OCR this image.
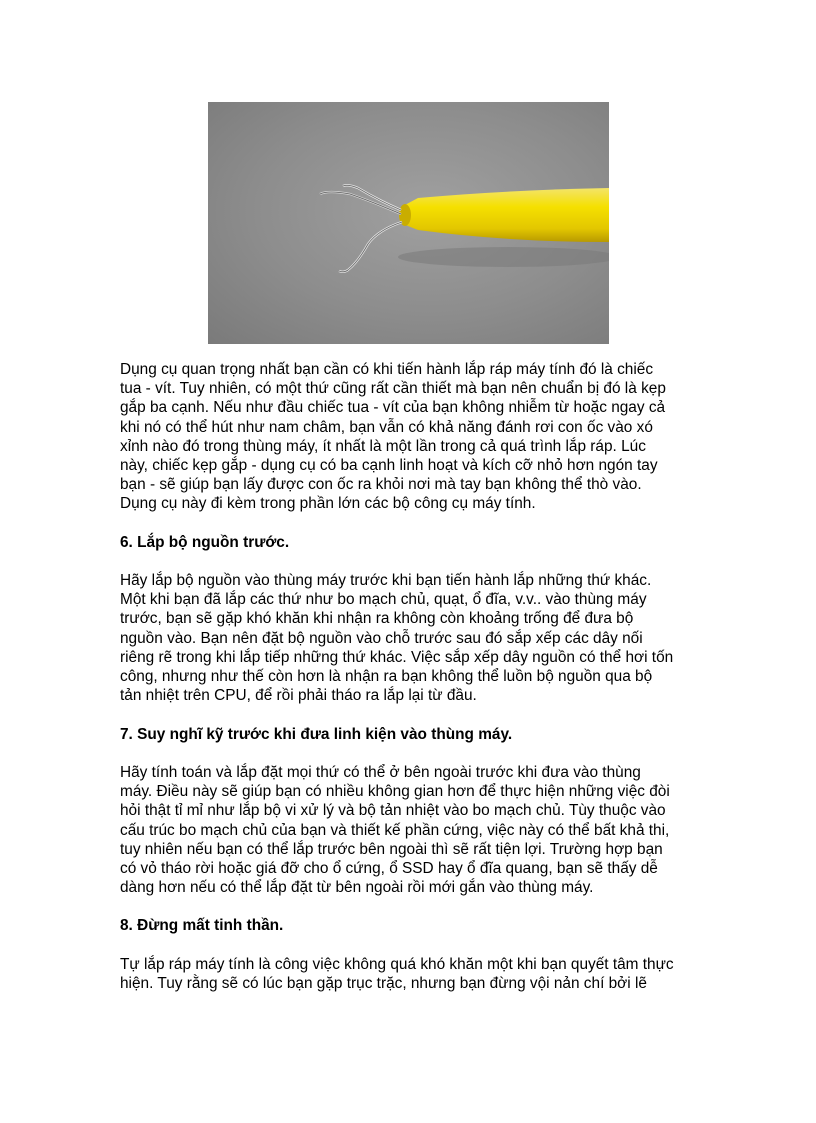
Dụng cụ quan trọng nhất bạn cần có khi tiến hành lắp ráp máy tính đó là chiếc
tua - vít. Tuy nhiên, có một thứ cũng rất cần thiết mà bạn nên chuẩn bị đó là kẹp
gắp ba cạnh. Nếu như đầu chiếc tua - vít của bạn không nhiễm từ hoặc ngay cả
khi nó có thể hút như nam châm, bạn vẫn có khả năng đánh rơi con ốc vào xó
xỉnh nào đó trong thùng máy, ít nhất là một lần trong cả quá trình lắp ráp. Lúc
này, chiếc kẹp gắp - dụng cụ có ba cạnh linh hoạt và kích cỡ nhỏ hơn ngón tay
bạn - sẽ giúp bạn lấy được con ốc ra khỏi nơi mà tay bạn không thể thò vào.
Dụng cụ này đi kèm trong phần lớn các bộ công cụ máy tính.
6. Lắp bộ nguồn trước.
Hãy lắp bộ nguồn vào thùng máy trước khi bạn tiến hành lắp những thứ khác.
Một khi bạn đã lắp các thứ như bo mạch chủ, quạt, ổ đĩa, v.v.. vào thùng máy
trước, bạn sẽ gặp khó khăn khi nhận ra không còn khoảng trống để đưa bộ
nguồn vào. Bạn nên đặt bộ nguồn vào chỗ trước sau đó sắp xếp các dây nối
riêng rẽ trong khi lắp tiếp những thứ khác. Việc sắp xếp dây nguồn có thể hơi tốn
công, nhưng như thế còn hơn là nhận ra bạn không thể luồn bộ nguồn qua bộ
tản nhiệt trên CPU, để rồi phải tháo ra lắp lại từ đầu.
7. Suy nghĩ kỹ trước khi đưa linh kiện vào thùng máy.
Hãy tính toán và lắp đặt mọi thứ có thể ở bên ngoài trước khi đưa vào thùng
máy. Điều này sẽ giúp bạn có nhiều không gian hơn để thực hiện những việc đòi
hỏi thật tỉ mỉ như lắp bộ vi xử lý và bộ tản nhiệt vào bo mạch chủ. Tùy thuộc vào
cấu trúc bo mạch chủ của bạn và thiết kế phần cứng, việc này có thể bất khả thi,
tuy nhiên nếu bạn có thể lắp trước bên ngoài thì sẽ rất tiện lợi. Trường hợp bạn
có vỏ tháo rời hoặc giá đỡ cho ổ cứng, ổ SSD hay ổ đĩa quang, bạn sẽ thấy dễ
dàng hơn nếu có thể lắp đặt từ bên ngoài rồi mới gắn vào thùng máy.
8. Đừng mất tinh thần.
Tự lắp ráp máy tính là công việc không quá khó khăn một khi bạn quyết tâm thực
hiện. Tuy rằng sẽ có lúc bạn gặp trục trặc, nhưng bạn đừng vội nản chí bởi lẽ
